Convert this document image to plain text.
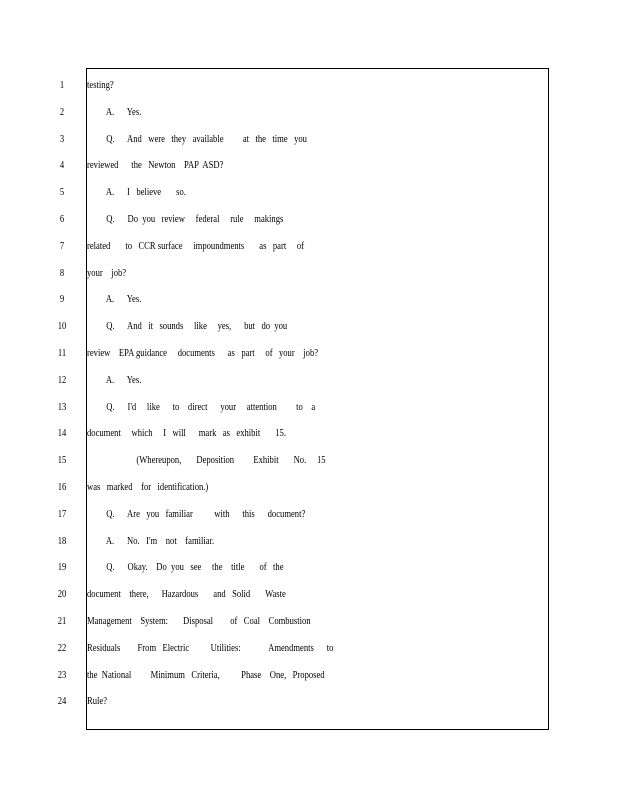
1	testing?
2	A.      Yes.
3	Q.      And   were   they   available         at   the   time   you
4	reviewed      the   Newton    PAP  ASD?
5	A.      I   believe       so.
6	Q.      Do  you   review     federal     rule     makings
7	related       to   CCR surface     impoundments       as   part     of
8	your    job?
9	A.      Yes.
10	Q.      And   it   sounds     like     yes,      but   do  you
11	review    EPA guidance     documents      as   part     of   your    job?
12	A.      Yes.
13	Q.      I'd     like      to    direct      your     attention         to    a
14	document     which     I   will      mark   as   exhibit       15.
15	(Whereupon,       Deposition         Exhibit       No.     15
16	was   marked    for   identification.)
17	Q.      Are   you   familiar          with      this      document?
18	A.      No.   I'm    not    familiar.
19	Q.      Okay.    Do  you   see     the    title       of   the
20	document    there,      Hazardous       and   Solid       Waste
21	Management    System:       Disposal        of   Coal    Combustion
22	Residuals        From   Electric          Utilities:             Amendments      to
23	the  National         Minimum   Criteria,          Phase    One,   Proposed
24	Rule?
